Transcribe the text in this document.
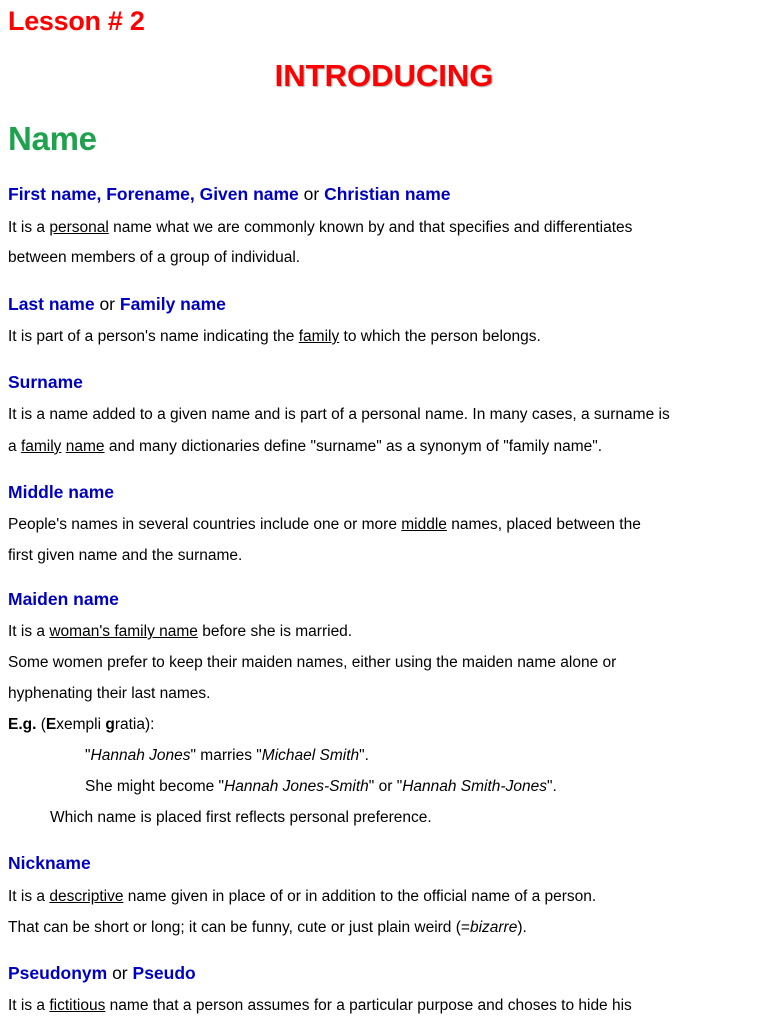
Lesson # 2
INTRODUCING
Name
First name, Forename, Given name or Christian name
It is a personal name what we are commonly known by and that specifies and differentiates
between members of a group of individual.
Last name or Family name
It is part of a person's name indicating the family to which the person belongs.
Surname
It is a name added to a given name and is part of a personal name. In many cases, a surname is
a family name and many dictionaries define "surname" as a synonym of "family name".
Middle name
People's names in several countries include one or more middle names, placed between the
first given name and the surname.
Maiden name
It is a woman's family name before she is married.
Some women prefer to keep their maiden names, either using the maiden name alone or
hyphenating their last names.
E.g. (Exempli gratia):
"Hannah Jones" marries "Michael Smith".
She might become "Hannah Jones-Smith" or "Hannah Smith-Jones".
Which name is placed first reflects personal preference.
Nickname
It is a descriptive name given in place of or in addition to the official name of a person.
That can be short or long; it can be funny, cute or just plain weird (=bizarre).
Pseudonym or Pseudo
It is a fictitious name that a person assumes for a particular purpose and choses to hide his
